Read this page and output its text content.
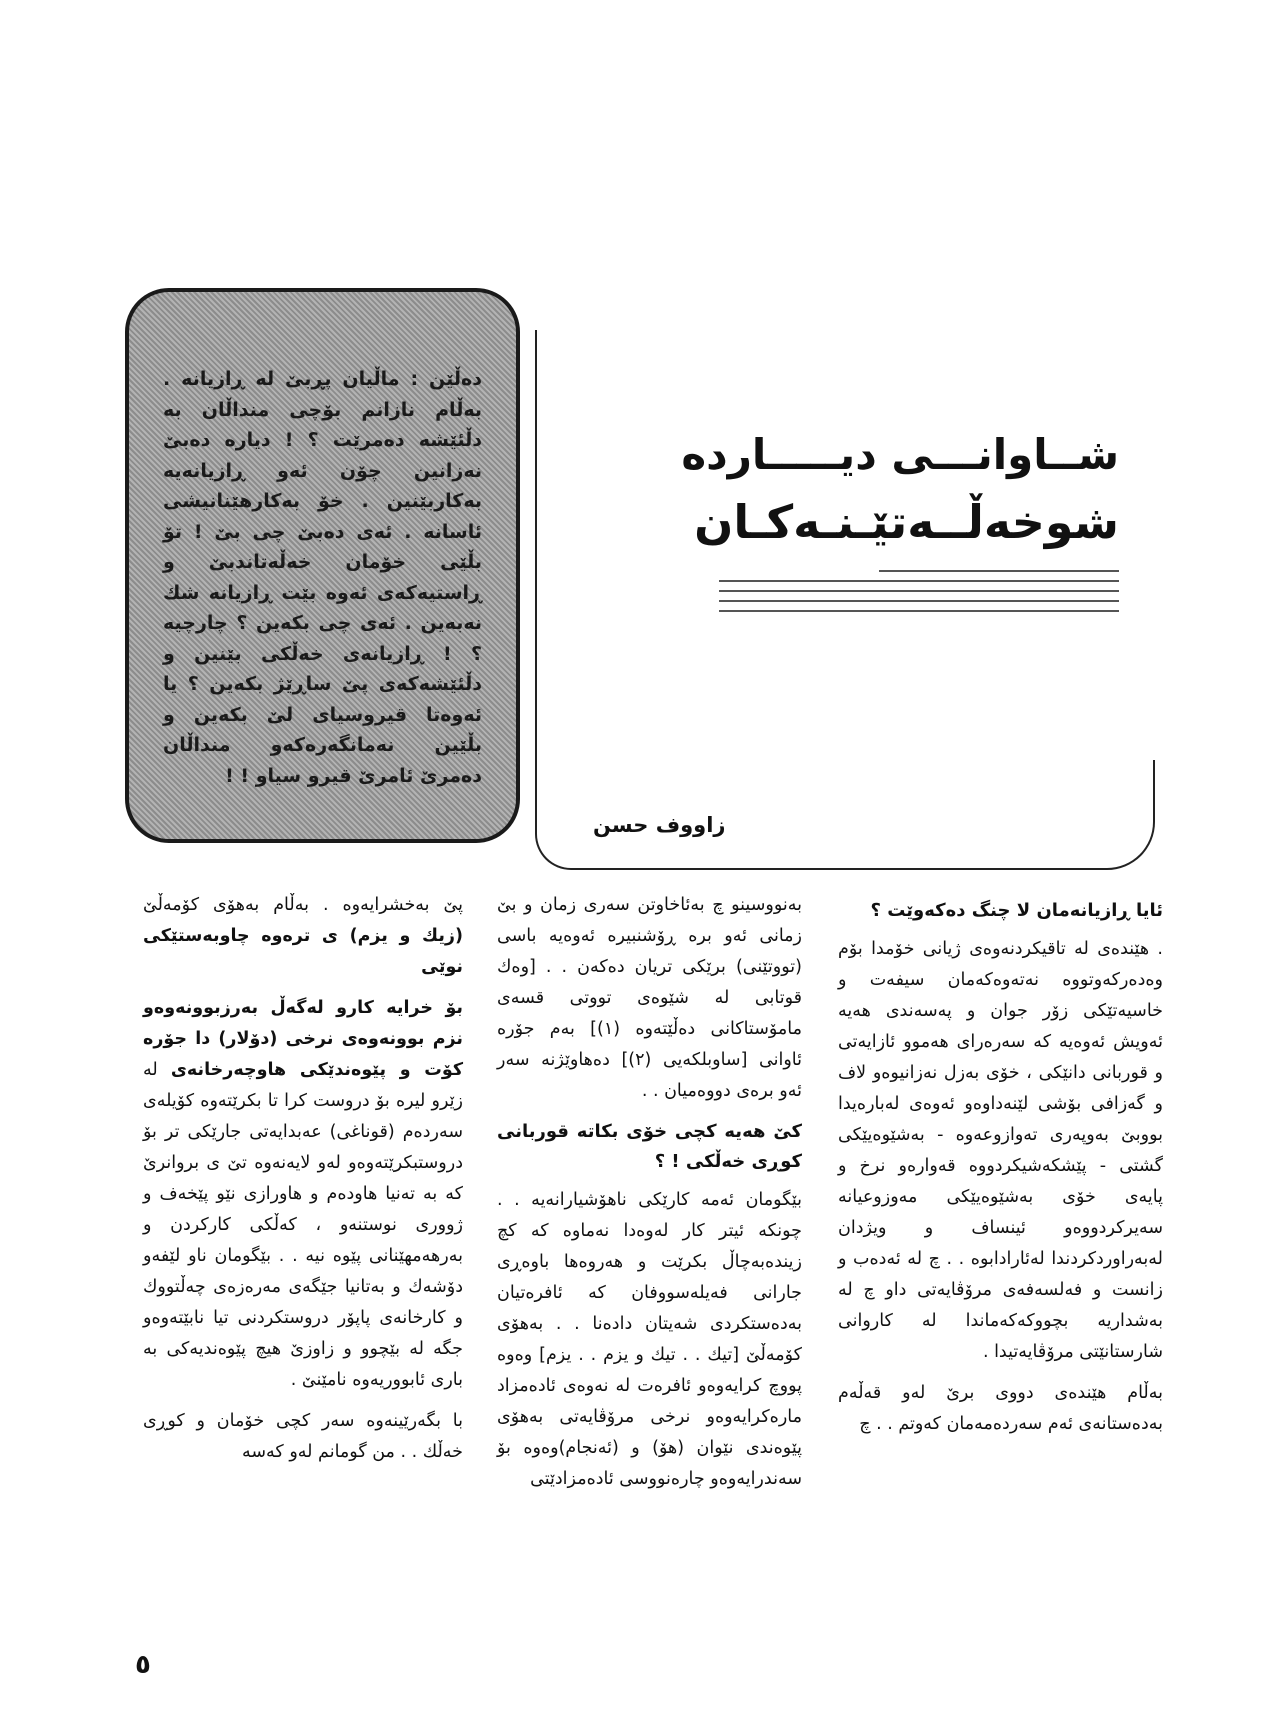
دەڵێن : ماڵیان پڕبێ لە ڕازیانە . بەڵام نازانم بۆچی منداڵان بە دڵئێشە دەمرێت ؟ ! دیارە دەبێ نەزانین چۆن ئەو ڕازیانەیە بەکاربێنین . خۆ بەکارهێنانیشی ئاسانە . ئەی دەبێ چی بێ ! تۆ بڵێی خۆمان خەڵەتاندبێ و ڕاستیەکەی ئەوە بێت ڕازیانە شك نەبەین . ئەی چی بکەین ؟ چارچیە ؟ ! ڕازیانەی خەڵکی بێنین و دڵئێشەکەی پێ ساڕێژ بکەین ؟ یا ئەوەتا قیروسیای لێ بکەین و بڵێین نەمانگەرەکەو منداڵان دەمرێ ئامرێ قیرو سیاو ! !
شــاوانـــی دیـــــاردە
شوخەڵــەتێـنـەکـان
زاووف حسن
ئایا ڕازیانەمان لا چنگ دەکەوێت ؟

. هێندەی لە تاقیکردنەوەی ژیانی خۆمدا بۆم وەدەرکەوتووە نەتەوەکەمان سیفەت و خاسیەتێکی زۆر جوان و پەسەندی هەیە ئەویش ئەوەیە کە سەرەرای هەموو ئازایەتی و قوربانی دانێکی ، خۆی بەزل نەزانیوەو لاف و گەزافی بۆشی لێنەداوەو ئەوەی لەبارەیدا بووبێ بەوپەری تەوازوعەوە - بەشێوەیێکی گشتی - پێشکەشیکردووە قەوارەو نرخ و پایەی خۆی بەشێوەیێکی مەوزوعیانە سەیرکردووەو ئینساف و ویژدان لەبەراوردکردندا لەئارادابوە . . چ لە ئەدەب و زانست و فەلسەفەی مرۆڤایەتی داو چ لە بەشداریە بچووکەکەماندا لە کاروانی شارستانێتی مرۆڤایەتیدا .

بەڵام هێندەی دووی برێ لەو قەڵەم بەدەستانەی ئەم سەردەمەمان کەوتم . . چ

بەنووسینو چ بەئاخاوتن سەری زمان و بێ زمانی ئەو برە ڕۆشنبیرە ئەوەیە باسی (تووتێنی) برێکی تریان دەکەن . . [وەك قوتابی لە شێوەی تووتی قسەی مامۆستاکانی دەڵێتەوە (١)] بەم جۆرە ئاوانی [ساوبلکەیی (٢)] دەهاوێژنە سەر ئەو برەی دووەمیان . .

کێ هەیە کچی خۆی بکاتە قوربانی کوڕی خەڵکی ! ؟

بێگومان ئەمە کارێکی ناهۆشیارانەیە . . چونکە ئیتر کار لەوەدا نەماوە کە کچ زیندەبەچاڵ بکرێت و هەروەها باوەڕی جارانی فەیلەسووفان کە ئافرەتیان بەدەستکردی شەیتان دادەنا . . بەهۆی کۆمەڵێ [تیك . . تیك و یزم . . یزم] وەوە پووچ کرایەوەو ئافرەت لە نەوەی ئادەمزاد مارەکرایەوەو نرخی مرۆڤایەتی بەهۆی پێوەندی نێوان (هۆ) و (ئەنجام)وەوە بۆ سەندرایەوەو چارەنووسی ئادەمزادێتی

پێ بەخشرایەوە . بەڵام بەهۆی کۆمەڵێ (زیك و یزم) ی ترەوە چاوبەستێکی نوێی

بۆ خرایە کارو لەگەڵ بەرزبوونەوەو نزم بوونەوەی نرخی (دۆلار) دا جۆرە کۆت و پێوەندێکی هاوچەرخانەی لە زێرو لیرە بۆ دروست کرا تا بکرێتەوە کۆیلەی سەردەم (قوناغی) عەبدایەتی جارێکی تر بۆ دروستبکرێتەوەو لەو لایەنەوە تێ ی بروانرێ کە بە تەنیا هاودەم و هاورازی نێو پێخەف و ژووری نوستنەو ، کەڵکی کارکردن و بەرهەمهێنانی پێوە نیە . . بێگومان ناو لێفەو دۆشەك و بەتانیا جێگەی مەرەزەی چەڵتووك و کارخانەی پاپۆر دروستکردنی تیا نابێتەوەو جگە لە بێچوو و زاوزێ هیچ پێوەندیەکی بە باری ئابووریەوە نامێنێ .

با بگەرێینەوە سەر کچی خۆمان و کوڕی خەڵك . . من گومانم لەو کەسە

٥
